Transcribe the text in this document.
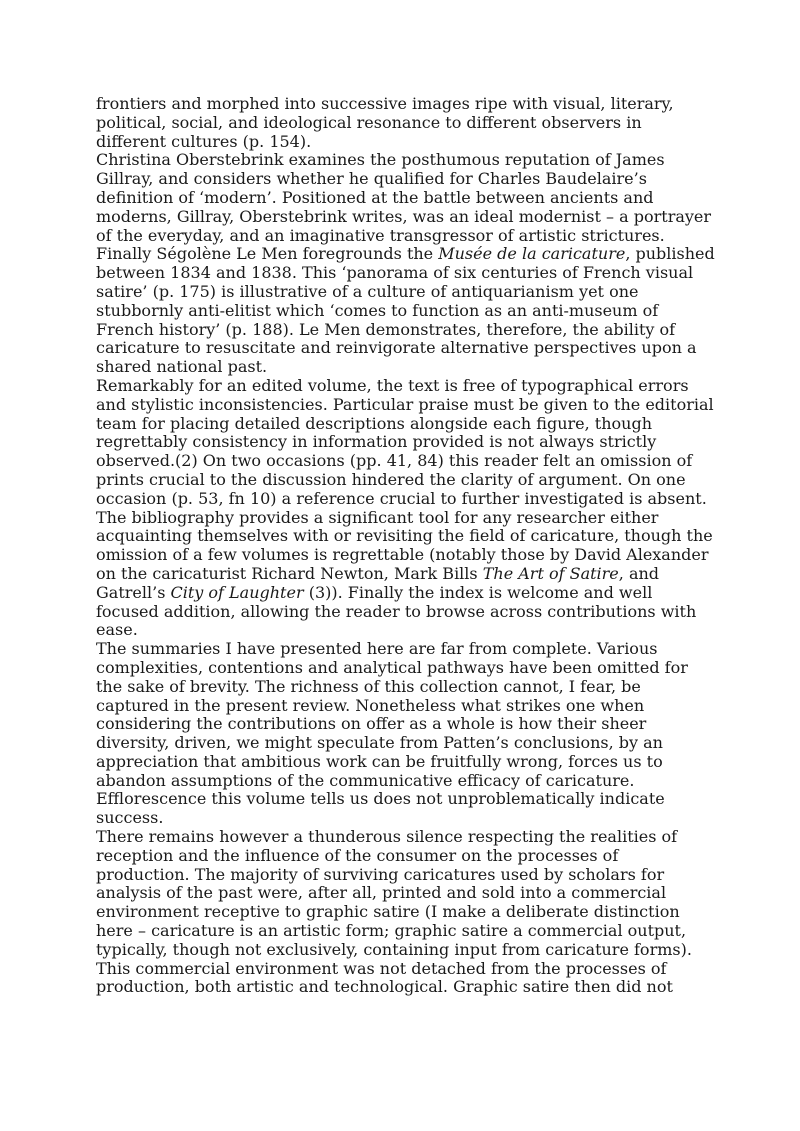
frontiers and morphed into successive images ripe with visual, literary, political, social, and ideological resonance to different observers in different cultures (p. 154).

Christina Oberstebrink examines the posthumous reputation of James Gillray, and considers whether he qualified for Charles Baudelaire’s definition of ‘modern’. Positioned at the battle between ancients and moderns, Gillray, Oberstebrink writes, was an ideal modernist – a portrayer of the everyday, and an imaginative transgressor of artistic strictures. Finally Ségolène Le Men foregrounds the Musée de la caricature, published between 1834 and 1838. This ‘panorama of six centuries of French visual satire’ (p. 175) is illustrative of a culture of antiquarianism yet one stubbornly anti-elitist which ‘comes to function as an anti-museum of French history’ (p. 188). Le Men demonstrates, therefore, the ability of caricature to resuscitate and reinvigorate alternative perspectives upon a shared national past.

Remarkably for an edited volume, the text is free of typographical errors and stylistic inconsistencies. Particular praise must be given to the editorial team for placing detailed descriptions alongside each figure, though regrettably consistency in information provided is not always strictly observed.(2) On two occasions (pp. 41, 84) this reader felt an omission of prints crucial to the discussion hindered the clarity of argument. On one occasion (p. 53, fn 10) a reference crucial to further investigated is absent. The bibliography provides a significant tool for any researcher either acquainting themselves with or revisiting the field of caricature, though the omission of a few volumes is regrettable (notably those by David Alexander on the caricaturist Richard Newton, Mark Bills The Art of Satire, and Gatrell’s City of Laughter (3)). Finally the index is welcome and well focused addition, allowing the reader to browse across contributions with ease.

The summaries I have presented here are far from complete. Various complexities, contentions and analytical pathways have been omitted for the sake of brevity. The richness of this collection cannot, I fear, be captured in the present review. Nonetheless what strikes one when considering the contributions on offer as a whole is how their sheer diversity, driven, we might speculate from Patten’s conclusions, by an appreciation that ambitious work can be fruitfully wrong, forces us to abandon assumptions of the communicative efficacy of caricature. Efflorescence this volume tells us does not unproblematically indicate success.

There remains however a thunderous silence respecting the realities of reception and the influence of the consumer on the processes of production. The majority of surviving caricatures used by scholars for analysis of the past were, after all, printed and sold into a commercial environment receptive to graphic satire (I make a deliberate distinction here – caricature is an artistic form; graphic satire a commercial output, typically, though not exclusively, containing input from caricature forms). This commercial environment was not detached from the processes of production, both artistic and technological. Graphic satire then did not
